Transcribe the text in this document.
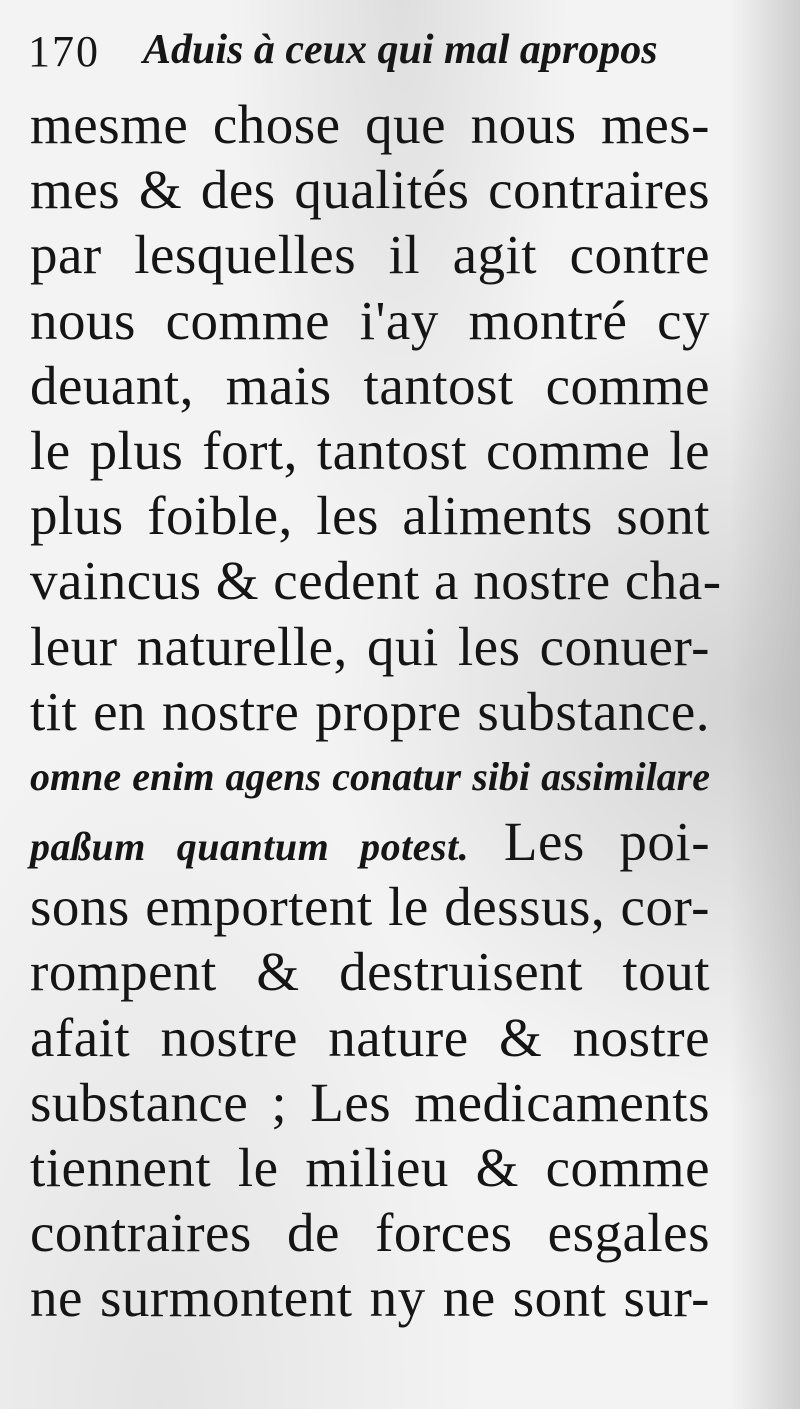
170 Aduis à ceux qui mal apropos
mesme chose que nous mes-
mes & des qualités contraires
par lesquelles il agit contre
nous comme i'ay montré cy
deuant, mais tantost comme
le plus fort, tantost comme le
plus foible, les aliments sont
vaincus & cedent a nostre cha-
leur naturelle, qui les conuer-
tit en nostre propre substance.
omne enim agens conatur sibi assimilare
paßum quantum potest. Les poi-
sons emportent le dessus, cor-
rompent & destruisent tout
afait nostre nature & nostre
substance ; Les medicaments
tiennent le milieu & comme
contraires de forces esgales
ne surmontent ny ne sont sur-
